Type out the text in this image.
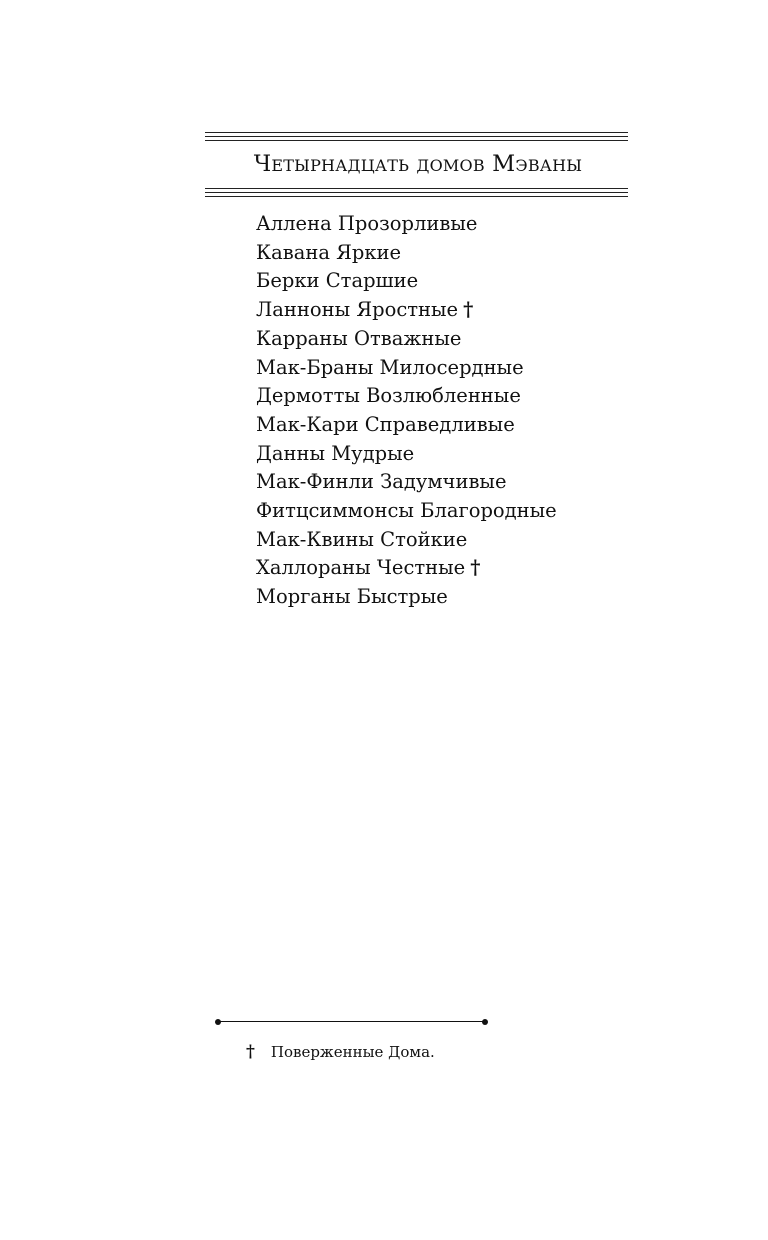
Четырнадцать домов Мэваны
Аллена Прозорливые
Кавана Яркие
Берки Старшие
Ланноны Яростные †
Карраны Отважные
Мак-Браны Милосердные
Дермотты Возлюбленные
Мак-Кари Справедливые
Данны Мудрые
Мак-Финли Задумчивые
Фитцсиммонсы Благородные
Мак-Квины Стойкие
Халлораны Честные †
Морганы Быстрые
† Поверженные Дома.
